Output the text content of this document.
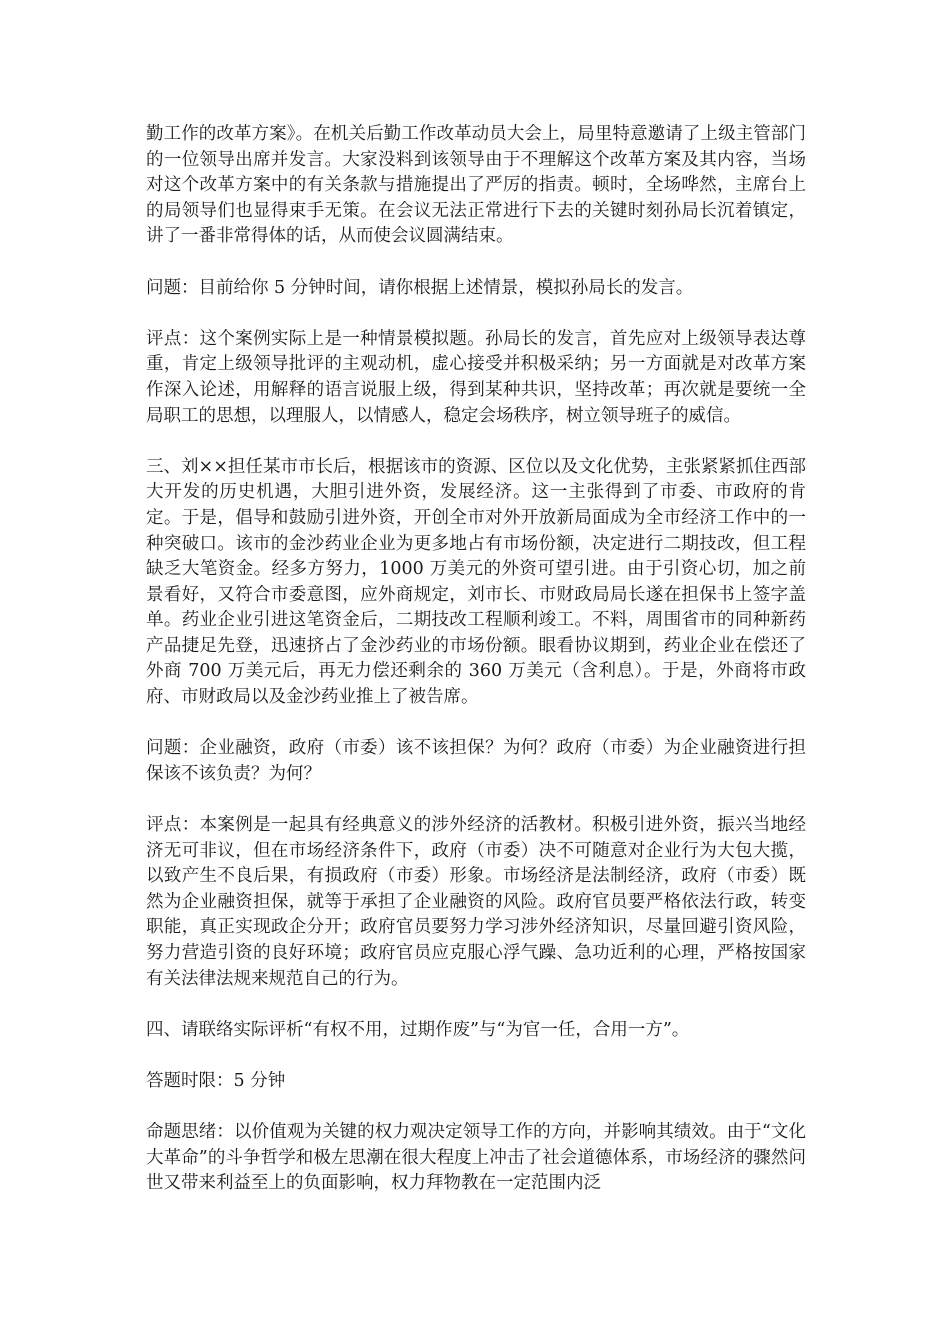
勤工作的改革方案》。在机关后勤工作改革动员大会上，局里特意邀请了上级主管部门的一位领导出席并发言。大家没料到该领导由于不理解这个改革方案及其内容，当场对这个改革方案中的有关条款与措施提出了严厉的指责。顿时，全场哗然，主席台上的局领导们也显得束手无策。在会议无法正常进行下去的关键时刻孙局长沉着镇定，讲了一番非常得体的话，从而使会议圆满结束。

问题：目前给你 5 分钟时间，请你根据上述情景，模拟孙局长的发言。

评点：这个案例实际上是一种情景模拟题。孙局长的发言，首先应对上级领导表达尊重，肯定上级领导批评的主观动机，虚心接受并积极采纳；另一方面就是对改革方案作深入论述，用解释的语言说服上级，得到某种共识，坚持改革；再次就是要统一全局职工的思想，以理服人，以情感人，稳定会场秩序，树立领导班子的威信。

三、刘××担任某市市长后，根据该市的资源、区位以及文化优势，主张紧紧抓住西部大开发的历史机遇，大胆引进外资，发展经济。这一主张得到了市委、市政府的肯定。于是，倡导和鼓励引进外资，开创全市对外开放新局面成为全市经济工作中的一种突破口。该市的金沙药业企业为更多地占有市场份额，决定进行二期技改，但工程缺乏大笔资金。经多方努力，1000 万美元的外资可望引进。由于引资心切，加之前景看好，又符合市委意图，应外商规定，刘市长、市财政局局长遂在担保书上签字盖单。药业企业引进这笔资金后，二期技改工程顺利竣工。不料，周围省市的同种新药产品捷足先登，迅速挤占了金沙药业的市场份额。眼看协议期到，药业企业在偿还了外商 700 万美元后，再无力偿还剩余的 360 万美元（含利息）。于是，外商将市政府、市财政局以及金沙药业推上了被告席。

问题：企业融资，政府（市委）该不该担保？为何？政府（市委）为企业融资进行担保该不该负责？为何？

评点：本案例是一起具有经典意义的涉外经济的活教材。积极引进外资，振兴当地经济无可非议，但在市场经济条件下，政府（市委）决不可随意对企业行为大包大揽，以致产生不良后果，有损政府（市委）形象。市场经济是法制经济，政府（市委）既然为企业融资担保，就等于承担了企业融资的风险。政府官员要严格依法行政，转变职能，真正实现政企分开；政府官员要努力学习涉外经济知识，尽量回避引资风险，努力营造引资的良好环境；政府官员应克服心浮气躁、急功近利的心理，严格按国家有关法律法规来规范自己的行为。

四、请联络实际评析“有权不用，过期作废”与“为官一任，合用一方”。

答题时限：5 分钟

命题思绪：以价值观为关键的权力观决定领导工作的方向，并影响其绩效。由于“文化大革命”的斗争哲学和极左思潮在很大程度上冲击了社会道德体系，市场经济的骤然问世又带来利益至上的负面影响，权力拜物教在一定范围内泛
